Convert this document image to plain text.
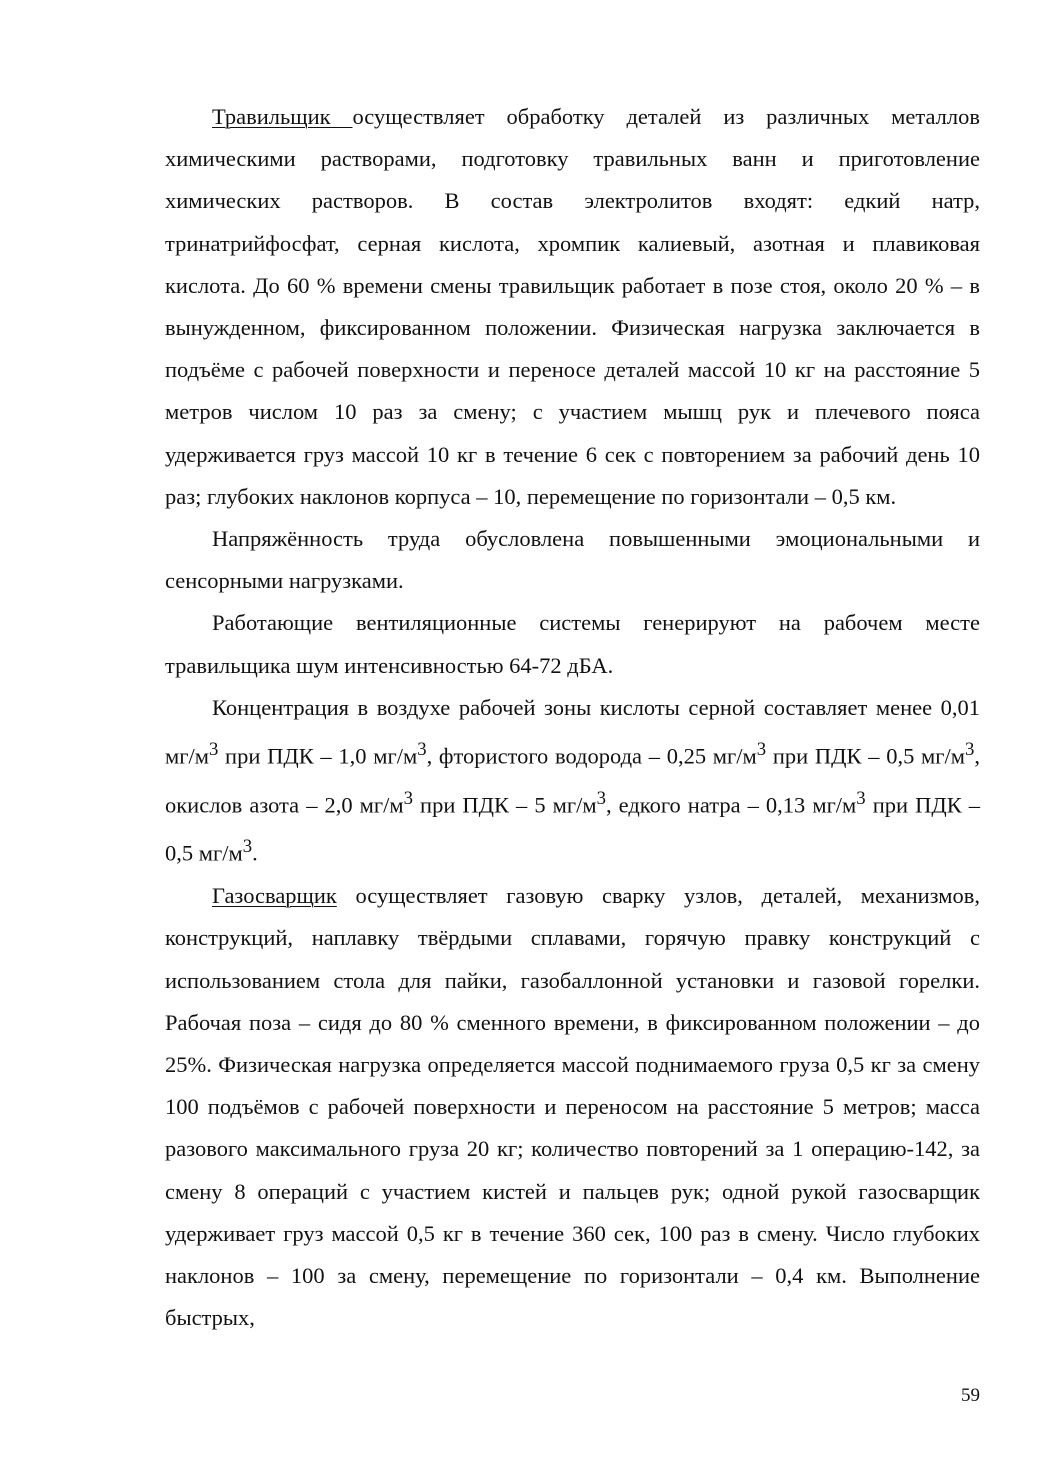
Травильщик осуществляет обработку деталей из различных металлов химическими растворами, подготовку травильных ванн и приготовление химических растворов. В состав электролитов входят: едкий натр, тринатрийфосфат, серная кислота, хромпик калиевый, азотная и плавиковая кислота. До 60 % времени смены травильщик работает в позе стоя, около 20 % – в вынужденном, фиксированном положении. Физическая нагрузка заключается в подъёме с рабочей поверхности и переносе деталей массой 10 кг на расстояние 5 метров числом 10 раз за смену; с участием мышц рук и плечевого пояса удерживается груз массой 10 кг в течение 6 сек с повторением за рабочий день 10 раз; глубоких наклонов корпуса – 10, перемещение по горизонтали – 0,5 км.

Напряжённость труда обусловлена повышенными эмоциональными и сенсорными нагрузками.

Работающие вентиляционные системы генерируют на рабочем месте травильщика шум интенсивностью 64-72 дБА.

Концентрация в воздухе рабочей зоны кислоты серной составляет менее 0,01 $мг/м^3$ при ПДК – 1,0 $мг/м^3$, фтористого водорода – 0,25 $мг/м^3$ при ПДК – 0,5 $мг/м^3$, окислов азота – 2,0 $мг/м^3$ при ПДК – 5 $мг/м^3$, едкого натра – 0,13 $мг/м^3$ при ПДК – 0,5 $мг/м^3$.

Газосварщик осуществляет газовую сварку узлов, деталей, механизмов, конструкций, наплавку твёрдыми сплавами, горячую правку конструкций с использованием стола для пайки, газобаллонной установки и газовой горелки. Рабочая поза – сидя до 80 % сменного времени, в фиксированном положении – до 25%. Физическая нагрузка определяется массой поднимаемого груза 0,5 кг за смену 100 подъёмов с рабочей поверхности и переносом на расстояние 5 метров; масса разового максимального груза 20 кг; количество повторений за 1 операцию-142, за смену 8 операций с участием кистей и пальцев рук; одной рукой газосварщик удерживает груз массой 0,5 кг в течение 360 сек, 100 раз в смену. Число глубоких наклонов – 100 за смену, перемещение по горизонтали – 0,4 км. Выполнение быстрых,

59
